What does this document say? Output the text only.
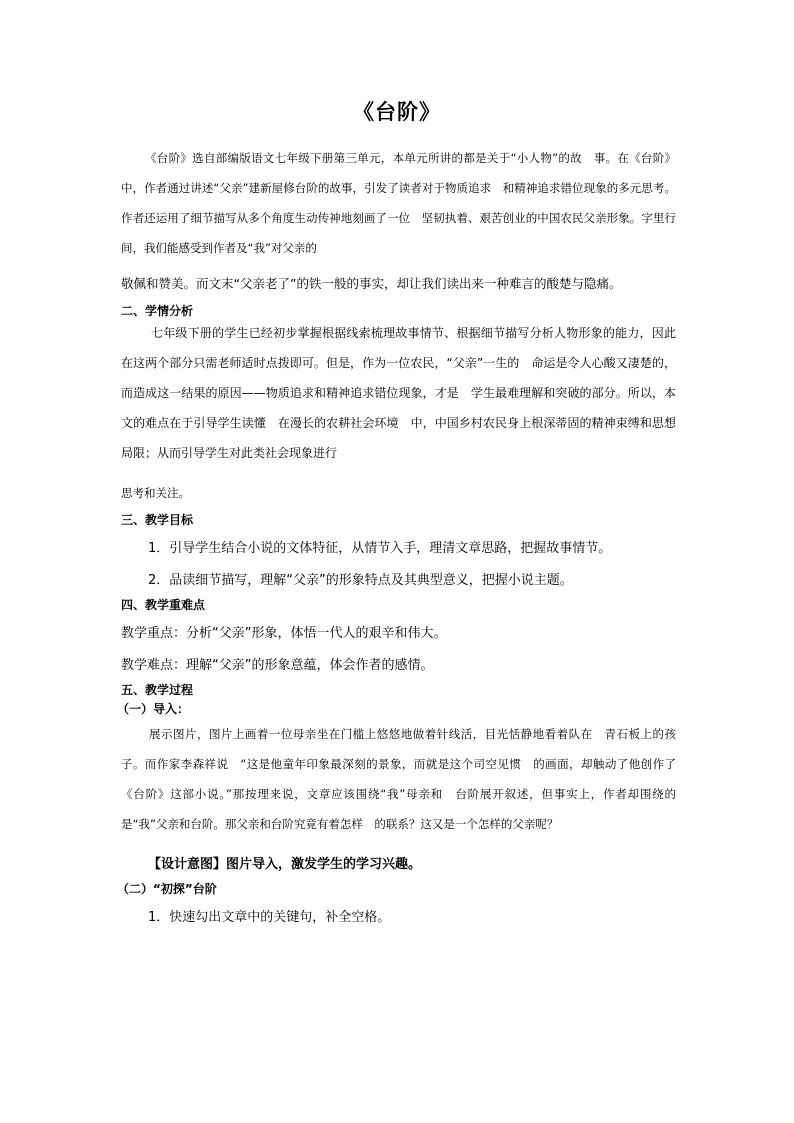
《台阶》
《台阶》选自部编版语文七年级下册第三单元，本单元所讲的都是关于“小人物”的故　事。在《台阶》中，作者通过讲述“父亲”建新屋修台阶的故事，引发了读者对于物质追求　和精神追求错位现象的多元思考。作者还运用了细节描写从多个角度生动传神地刻画了一位　坚韧执着、艰苦创业的中国农民父亲形象。字里行间，我们能感受到作者及“我”对父亲的
敬佩和赞美。而文末“父亲老了”的铁一般的事实，却让我们读出来一种难言的酸楚与隐痛。
二、学情分析
七年级下册的学生已经初步掌握根据线索梳理故事情节、根据细节描写分析人物形象的能力，因此在这两个部分只需老师适时点拨即可。但是，作为一位农民，“父亲”一生的　命运是令人心酸又凄楚的，而造成这一结果的原因——物质追求和精神追求错位现象，才是　学生最难理解和突破的部分。所以，本文的难点在于引导学生读懂　在漫长的农耕社会环境　中，中国乡村农民身上根深蒂固的精神束缚和思想局限；从而引导学生对此类社会现象进行
思考和关注。
三、教学目标
1．引导学生结合小说的文体特征，从情节入手，理清文章思路，把握故事情节。
2．品读细节描写，理解“父亲”的形象特点及其典型意义，把握小说主题。
四、教学重难点
教学重点：分析“父亲”形象，体悟一代人的艰辛和伟大。
教学难点：理解“父亲”的形象意蕴，体会作者的感情。
五、教学过程
（一）导入：
展示图片，图片上画着一位母亲坐在门槛上悠悠地做着针线活，目光恬静地看着队在　青石板上的孩子。而作家李森祥说　“这是他童年印象最深刻的景象，而就是这个司空见惯　的画面，却触动了他创作了《台阶》这部小说。”那按理来说，文章应该围绕“我”母亲和　台阶展开叙述，但事实上，作者却围绕的是“我”父亲和台阶。那父亲和台阶究竟有着怎样　的联系？这又是一个怎样的父亲呢？
【设计意图】图片导入，激发学生的学习兴趣。
（二）“初探”台阶
1．快速勾出文章中的关键句，补全空格。
